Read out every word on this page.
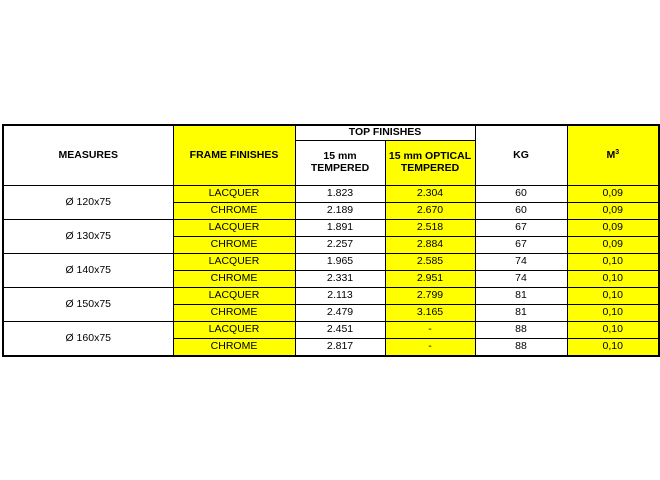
MEASURES	FRAME FINISHES	TOP FINISHES		KG	$M^3$
		15 mm TEMPERED	15 mm OPTICAL TEMPERED		
Ø 120x75	LACQUER	1.823	2.304	60	0,09
	CHROME	2.189	2.670	60	0,09
Ø 130x75	LACQUER	1.891	2.518	67	0,09
	CHROME	2.257	2.884	67	0,09
Ø 140x75	LACQUER	1.965	2.585	74	0,10
	CHROME	2.331	2.951	74	0,10
Ø 150x75	LACQUER	2.113	2.799	81	0,10
	CHROME	2.479	3.165	81	0,10
Ø 160x75	LACQUER	2.451	-	88	0,10
	CHROME	2.817	-	88	0,10
